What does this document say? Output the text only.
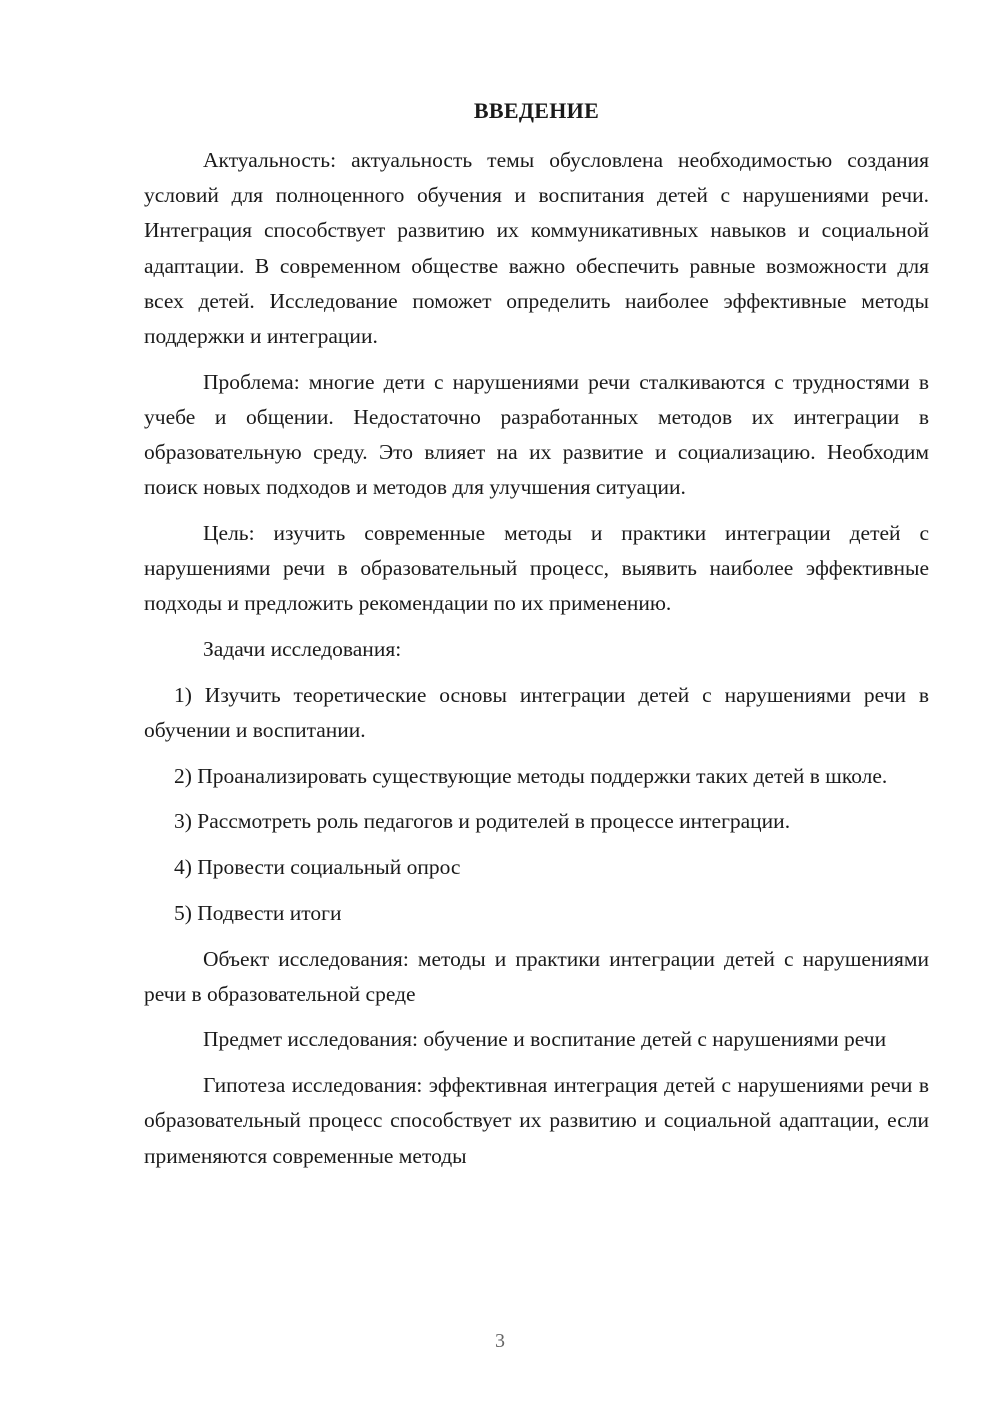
ВВЕДЕНИЕ

Актуальность: актуальность темы обусловлена необходимостью создания условий для полноценного обучения и воспитания детей с нарушениями речи. Интеграция способствует развитию их коммуникативных навыков и социальной адаптации. В современном обществе важно обеспечить равные возможности для всех детей. Исследование поможет определить наиболее эффективные методы поддержки и интеграции.

Проблема: многие дети с нарушениями речи сталкиваются с трудностями в учебе и общении. Недостаточно разработанных методов их интеграции в образовательную среду. Это влияет на их развитие и социализацию. Необходим поиск новых подходов и методов для улучшения ситуации.

Цель: изучить современные методы и практики интеграции детей с нарушениями речи в образовательный процесс, выявить наиболее эффективные подходы и предложить рекомендации по их применению.

Задачи исследования:

1) Изучить теоретические основы интеграции детей с нарушениями речи в обучении и воспитании.

2) Проанализировать существующие методы поддержки таких детей в школе.

3) Рассмотреть роль педагогов и родителей в процессе интеграции.

4) Провести социальный опрос

5) Подвести итоги

Объект исследования: методы и практики интеграции детей с нарушениями речи в образовательной среде

Предмет исследования: обучение и воспитание детей с нарушениями речи

Гипотеза исследования: эффективная интеграция детей с нарушениями речи в образовательный процесс способствует их развитию и социальной адаптации, если применяются современные методы

3
